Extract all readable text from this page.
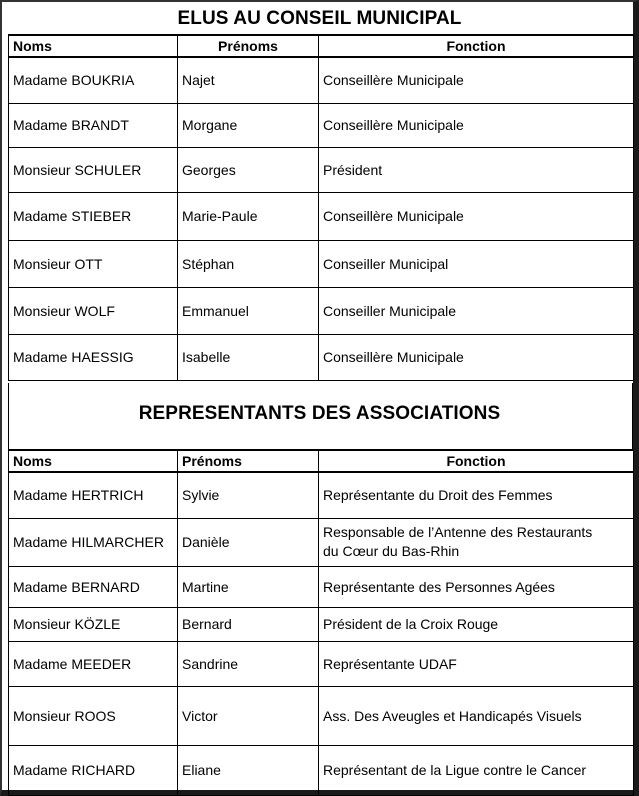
ELUS AU CONSEIL MUNICIPAL
Noms	Prénoms	Fonction
Madame BOUKRIA	Najet	Conseillère Municipale
Madame BRANDT	Morgane	Conseillère Municipale
Monsieur SCHULER	Georges	Président
Madame STIEBER	Marie-Paule	Conseillère Municipale
Monsieur OTT	Stéphan	Conseiller Municipal
Monsieur WOLF	Emmanuel	Conseiller Municipale
Madame HAESSIG	Isabelle	Conseillère Municipale
REPRESENTANTS DES ASSOCIATIONS
Noms	Prénoms	Fonction
Madame HERTRICH	Sylvie	Représentante du Droit des Femmes
Madame HILMARCHER	Danièle	Responsable de l’Antenne des Restaurants
du Cœur du Bas-Rhin
Madame BERNARD	Martine	Représentante des Personnes Agées
Monsieur KÖZLE	Bernard	Président de la Croix Rouge
Madame MEEDER	Sandrine	Représentante UDAF
Monsieur ROOS	Victor	Ass. Des Aveugles et Handicapés Visuels
Madame RICHARD	Eliane	Représentant de la Ligue contre le Cancer
